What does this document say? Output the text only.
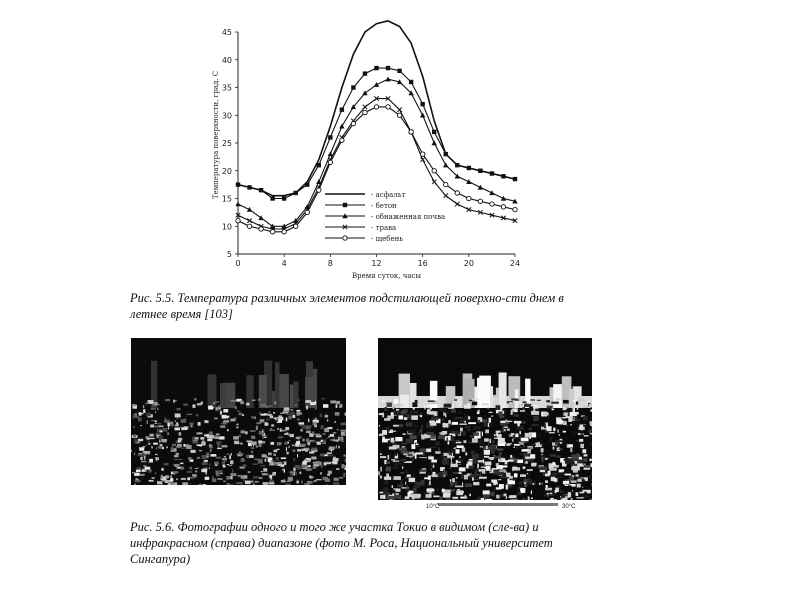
5
10
15
20
25
30
35
40
45
0	4	8	12	16	20	24
Время суток, часы
Температура поверхности, град. С	- асфальт
- бетон
- обнаженная почва
- трава
- щебень
Рис. 5.5. Температура различных элементов подстилающей поверхно-сти днем в летнее время [103]
10°C	30°C
Рис. 5.6. Фотографии одного и того же участка Токио в видимом (сле-ва) и инфракрасном (справа) диапазоне (фото М. Роса, Национальный университет Сингапура)
